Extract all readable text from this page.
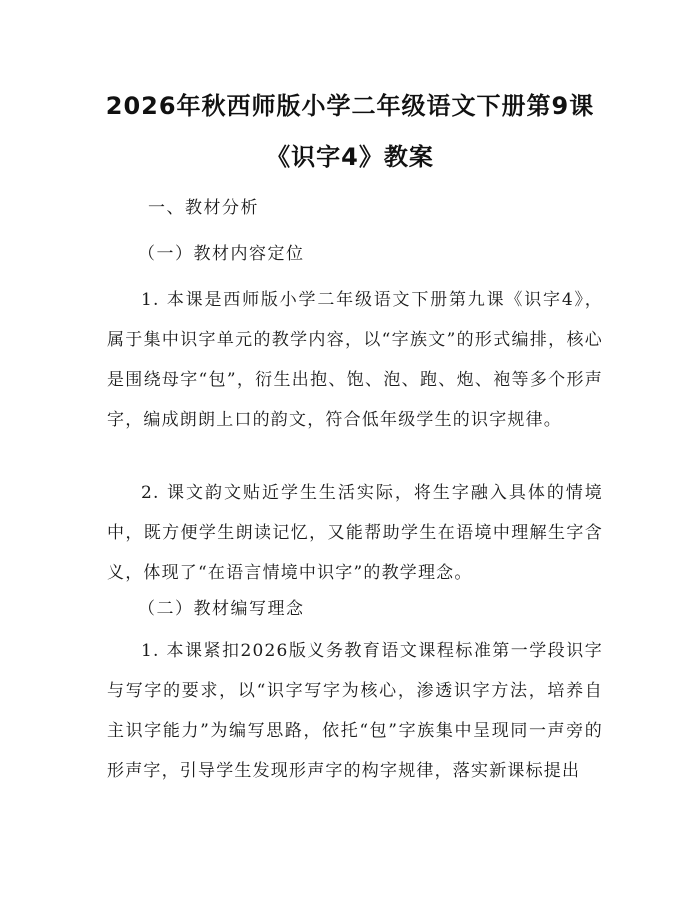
2026年秋西师版小学二年级语文下册第9课
《识字4》教案
一、教材分析
（一）教材内容定位

1. 本课是西师版小学二年级语文下册第九课《识字4》，属于集中识字单元的教学内容，以“字族文”的形式编排，核心是围绕母字“包”，衍生出抱、饱、泡、跑、炮、袍等多个形声字，编成朗朗上口的韵文，符合低年级学生的识字规律。

2. 课文韵文贴近学生生活实际，将生字融入具体的情境中，既方便学生朗读记忆，又能帮助学生在语境中理解生字含义，体现了“在语言情境中识字”的教学理念。

（二）教材编写理念

1. 本课紧扣2026版义务教育语文课程标准第一学段识字与写字的要求，以“识字写字为核心，渗透识字方法，培养自主识字能力”为编写思路，依托“包”字族集中呈现同一声旁的形声字，引导学生发现形声字的构字规律，落实新课标提出
